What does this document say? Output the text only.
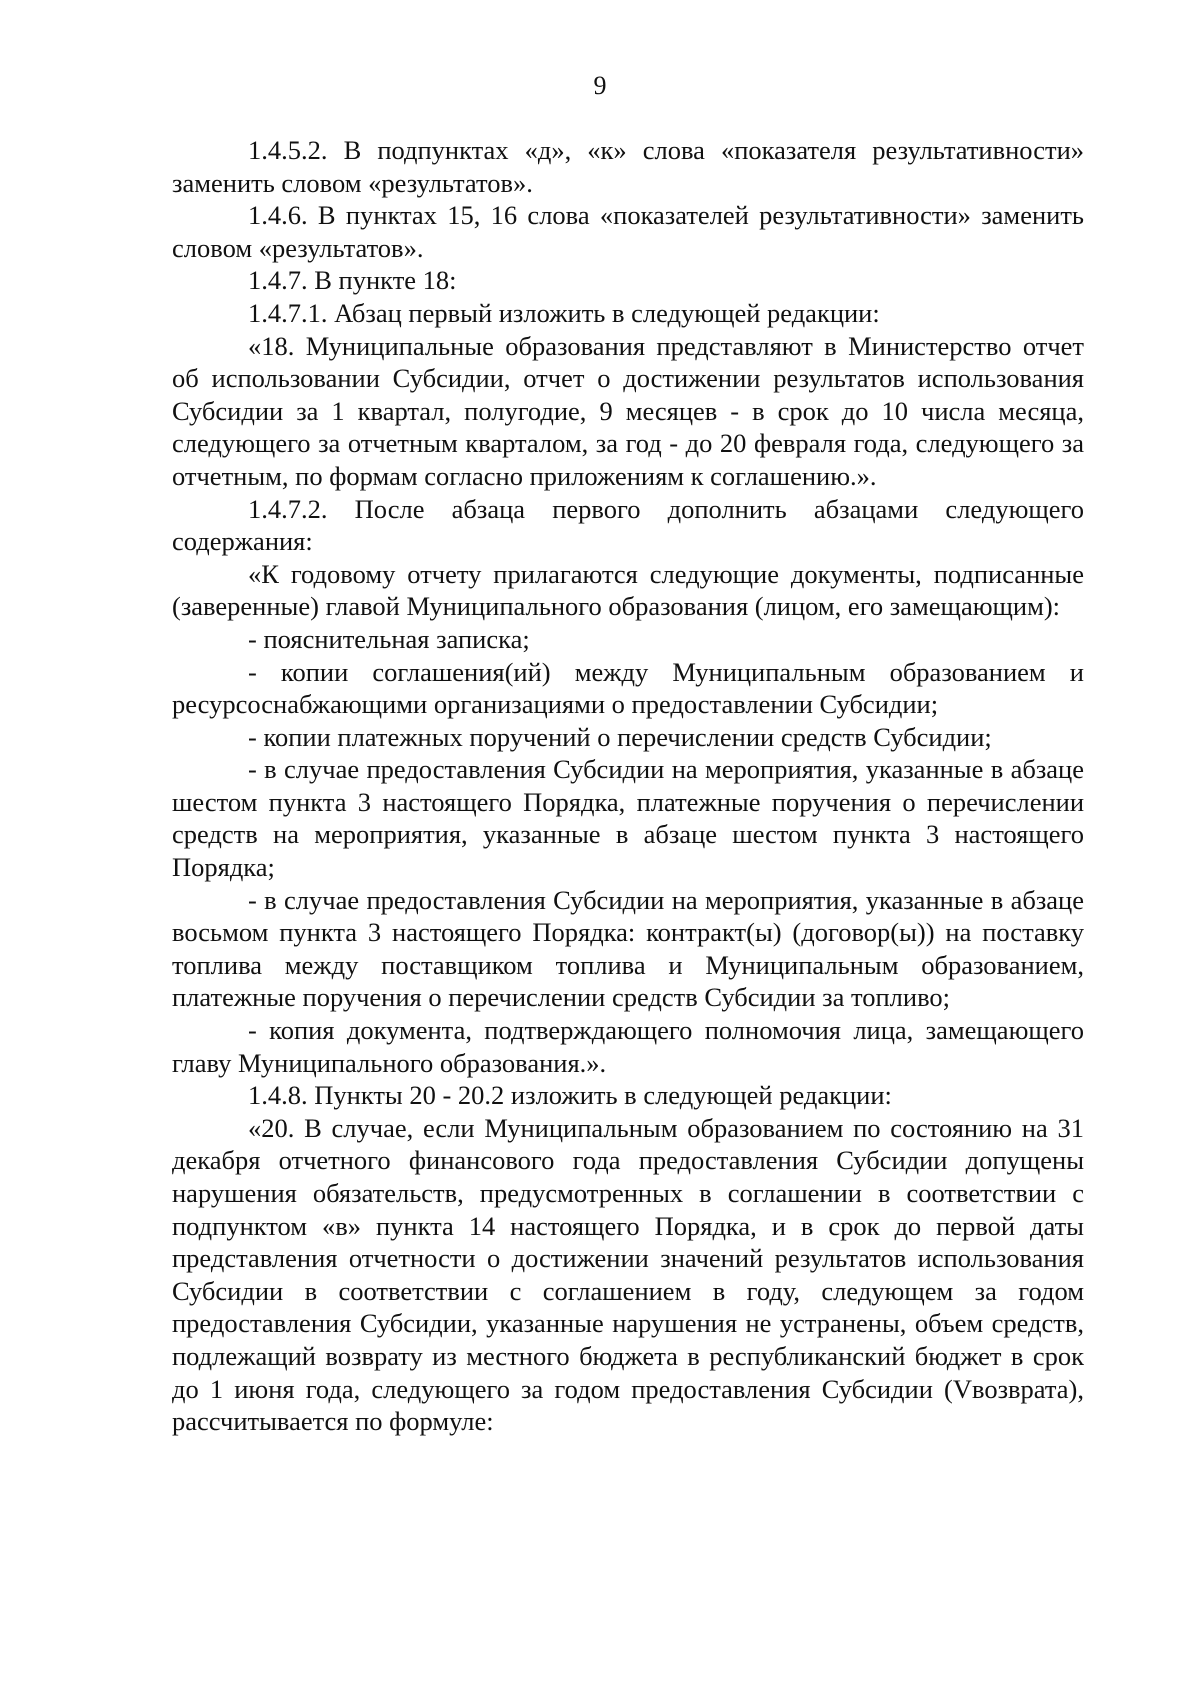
9

1.4.5.2. В подпунктах «д», «к» слова «показателя результативности» заменить словом «результатов».

1.4.6. В пунктах 15, 16 слова «показателей результативности» заменить словом «результатов».

1.4.7. В пункте 18:

1.4.7.1. Абзац первый изложить в следующей редакции:

«18. Муниципальные образования представляют в Министерство отчет об использовании Субсидии, отчет о достижении результатов использования Субсидии за 1 квартал, полугодие, 9 месяцев - в срок до 10 числа месяца, следующего за отчетным кварталом, за год - до 20 февраля года, следующего за отчетным, по формам согласно приложениям к соглашению.».

1.4.7.2. После абзаца первого дополнить абзацами следующего содержания:

«К годовому отчету прилагаются следующие документы, подписанные (заверенные) главой Муниципального образования (лицом, его замещающим):

- пояснительная записка;

- копии соглашения(ий) между Муниципальным образованием и ресурсоснабжающими организациями о предоставлении Субсидии;

- копии платежных поручений о перечислении средств Субсидии;

- в случае предоставления Субсидии на мероприятия, указанные в абзаце шестом пункта 3 настоящего Порядка, платежные поручения о перечислении средств на мероприятия, указанные в абзаце шестом пункта 3 настоящего Порядка;

- в случае предоставления Субсидии на мероприятия, указанные в абзаце восьмом пункта 3 настоящего Порядка: контракт(ы) (договор(ы)) на поставку топлива между поставщиком топлива и Муниципальным образованием, платежные поручения о перечислении средств Субсидии за топливо;

- копия документа, подтверждающего полномочия лица, замещающего главу Муниципального образования.».

1.4.8. Пункты 20 - 20.2 изложить в следующей редакции:

«20. В случае, если Муниципальным образованием по состоянию на 31 декабря отчетного финансового года предоставления Субсидии допущены нарушения обязательств, предусмотренных в соглашении в соответствии с подпунктом «в» пункта 14 настоящего Порядка, и в срок до первой даты представления отчетности о достижении значений результатов использования Субсидии в соответствии с соглашением в году, следующем за годом предоставления Субсидии, указанные нарушения не устранены, объем средств, подлежащий возврату из местного бюджета в республиканский бюджет в срок до 1 июня года, следующего за годом предоставления Субсидии (Vвозврата), рассчитывается по формуле:
